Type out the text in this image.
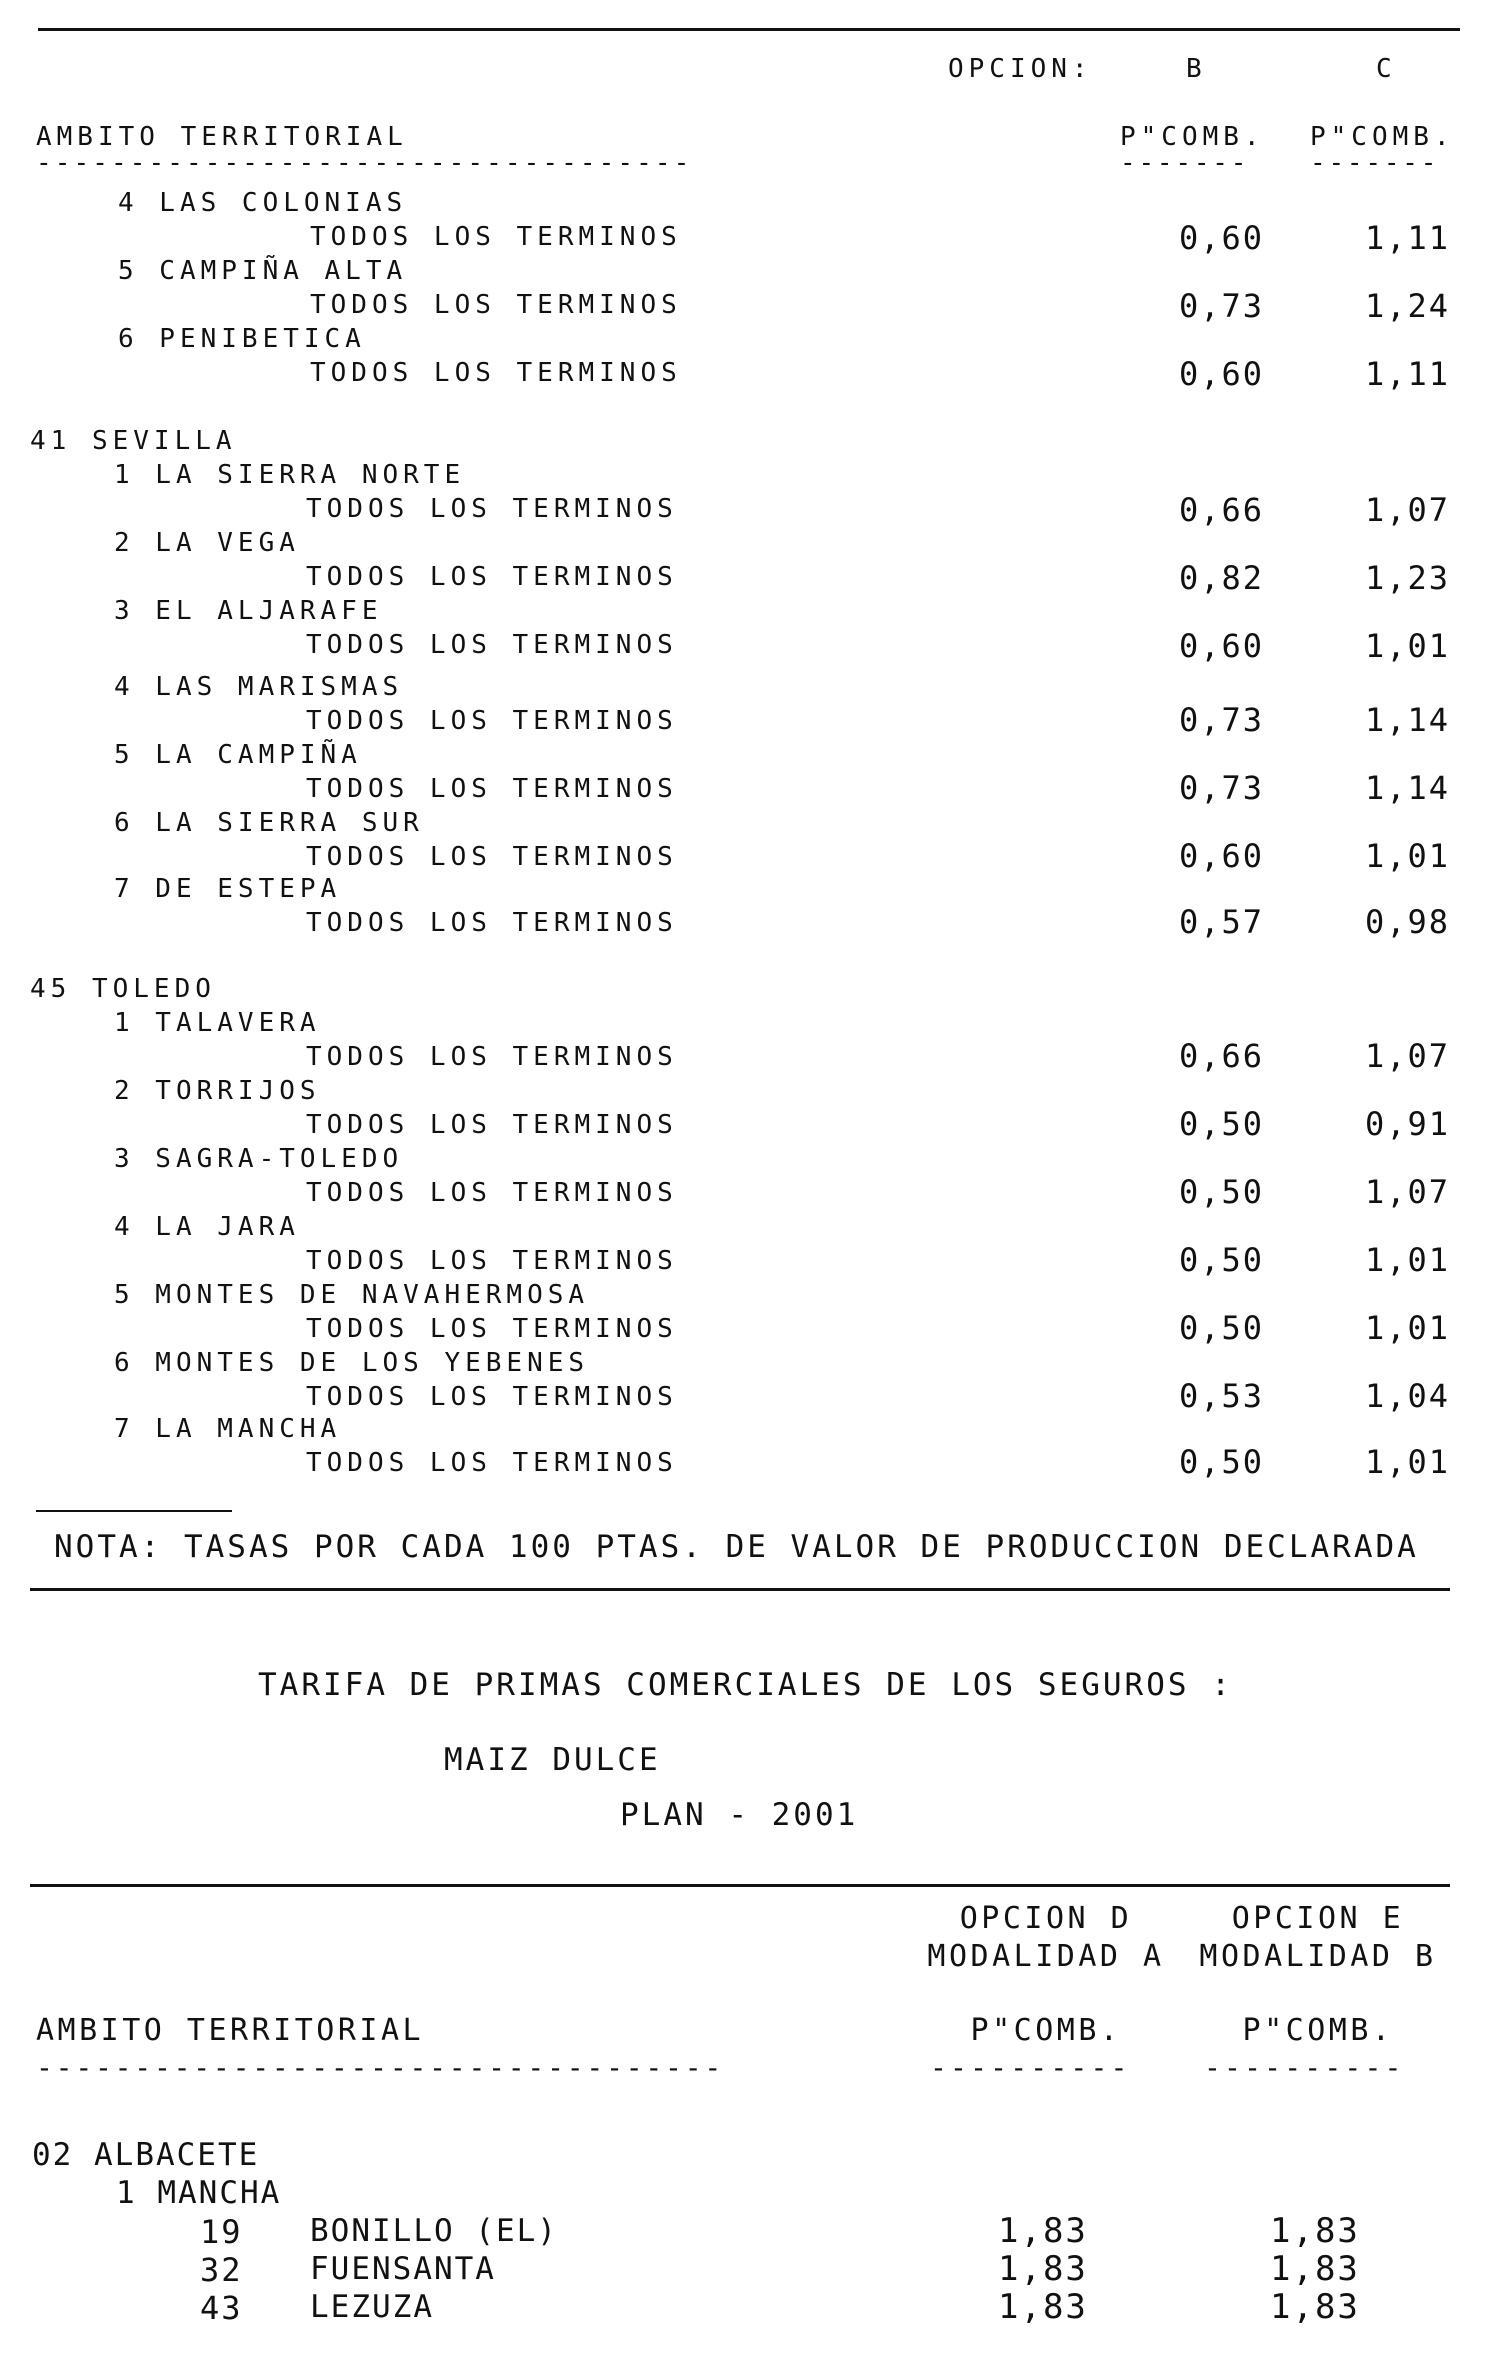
OPCION:	B	C
AMBITO TERRITORIAL	P"COMB. P"COMB.
-----------------------------------	------- -------
4 LAS COLONIAS
TODOS LOS TERMINOS	0,60	1,11
5 CAMPIÑA ALTA
TODOS LOS TERMINOS	0,73	1,24
6 PENIBETICA
TODOS LOS TERMINOS	0,60	1,11
41 SEVILLA
1 LA SIERRA NORTE
TODOS LOS TERMINOS	0,66	1,07
2 LA VEGA
TODOS LOS TERMINOS	0,82	1,23
3 EL ALJARAFE
TODOS LOS TERMINOS	0,60	1,01
4 LAS MARISMAS
TODOS LOS TERMINOS	0,73	1,14
5 LA CAMPIÑA
TODOS LOS TERMINOS	0,73	1,14
6 LA SIERRA SUR
TODOS LOS TERMINOS	0,60	1,01
7 DE ESTEPA
TODOS LOS TERMINOS	0,57	0,98
45 TOLEDO
1 TALAVERA
TODOS LOS TERMINOS	0,66	1,07
2 TORRIJOS
TODOS LOS TERMINOS	0,50	0,91
3 SAGRA-TOLEDO
TODOS LOS TERMINOS	0,50	1,07
4 LA JARA
TODOS LOS TERMINOS	0,50	1,01
5 MONTES DE NAVAHERMOSA
TODOS LOS TERMINOS	0,50	1,01
6 MONTES DE LOS YEBENES
TODOS LOS TERMINOS	0,53	1,04
7 LA MANCHA
TODOS LOS TERMINOS	0,50	1,01
NOTA: TASAS POR CADA 100 PTAS. DE VALOR DE PRODUCCION DECLARADA
TARIFA DE PRIMAS COMERCIALES DE LOS SEGUROS :
MAIZ DULCE
PLAN - 2001
OPCION D
MODALIDAD A
OPCION E
MODALIDAD B
AMBITO TERRITORIAL	P"COMB.	P"COMB.
-----------------------------------	----------	----------
02 ALBACETE
1 MANCHA
19 BONILLO (EL)	1,83	1,83
32 FUENSANTA	1,83	1,83
43 LEZUZA	1,83	1,83
